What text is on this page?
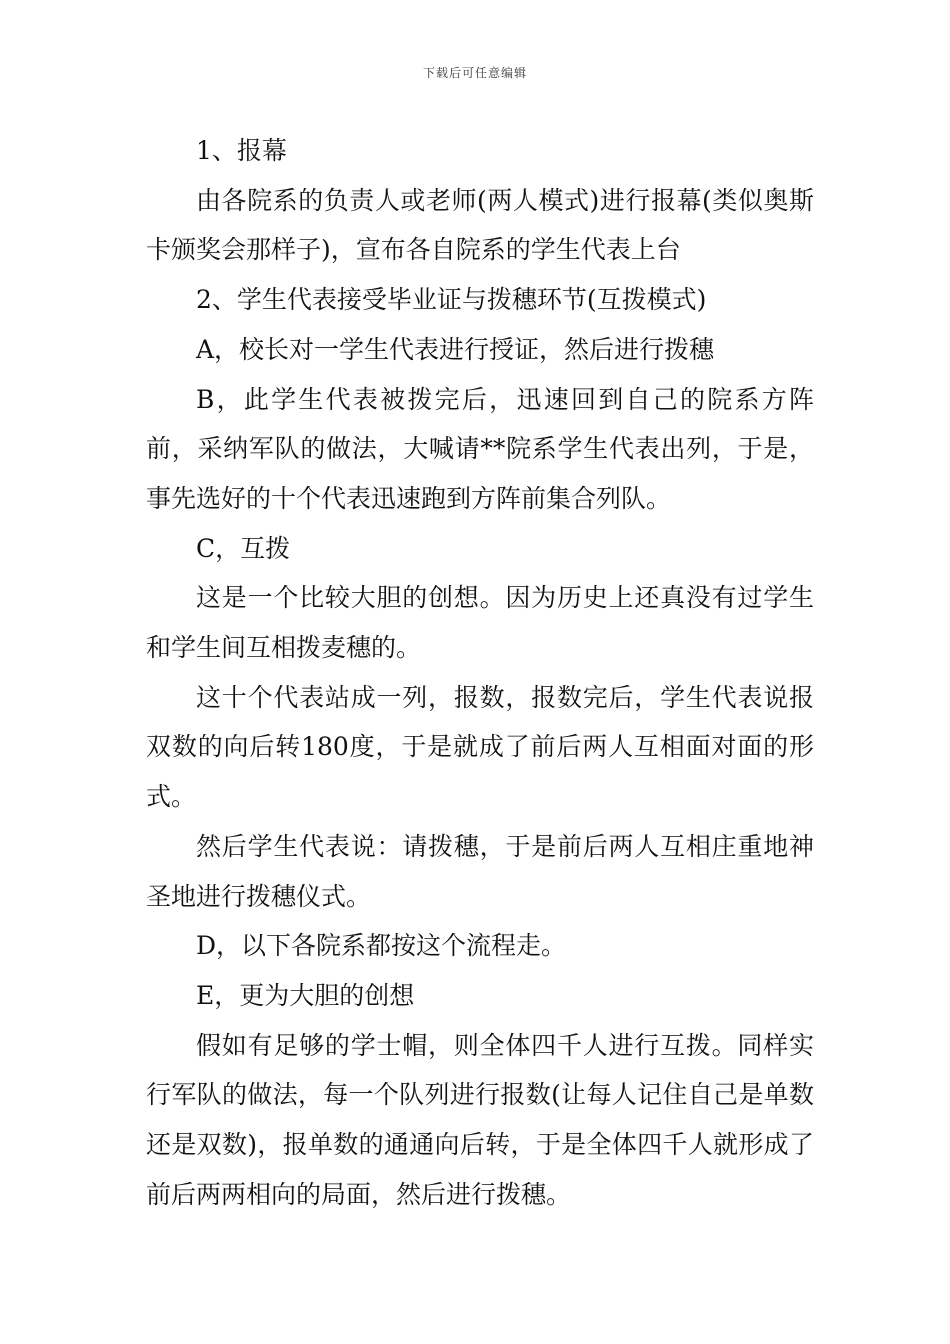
下载后可任意编辑

1、报幕

由各院系的负责人或老师(两人模式)进行报幕(类似奥斯卡颁奖会那样子)，宣布各自院系的学生代表上台

2、学生代表接受毕业证与拨穗环节(互拨模式)

A，校长对一学生代表进行授证，然后进行拨穗

B，此学生代表被拨完后，迅速回到自己的院系方阵前，采纳军队的做法，大喊请**院系学生代表出列，于是，事先选好的十个代表迅速跑到方阵前集合列队。

C，互拨

这是一个比较大胆的创想。因为历史上还真没有过学生和学生间互相拨麦穗的。

这十个代表站成一列，报数，报数完后，学生代表说报双数的向后转180度，于是就成了前后两人互相面对面的形式。

然后学生代表说：请拨穗，于是前后两人互相庄重地神圣地进行拨穗仪式。

D，以下各院系都按这个流程走。

E，更为大胆的创想

假如有足够的学士帽，则全体四千人进行互拨。同样实行军队的做法，每一个队列进行报数(让每人记住自己是单数还是双数)，报单数的通通向后转，于是全体四千人就形成了前后两两相向的局面，然后进行拨穗。
